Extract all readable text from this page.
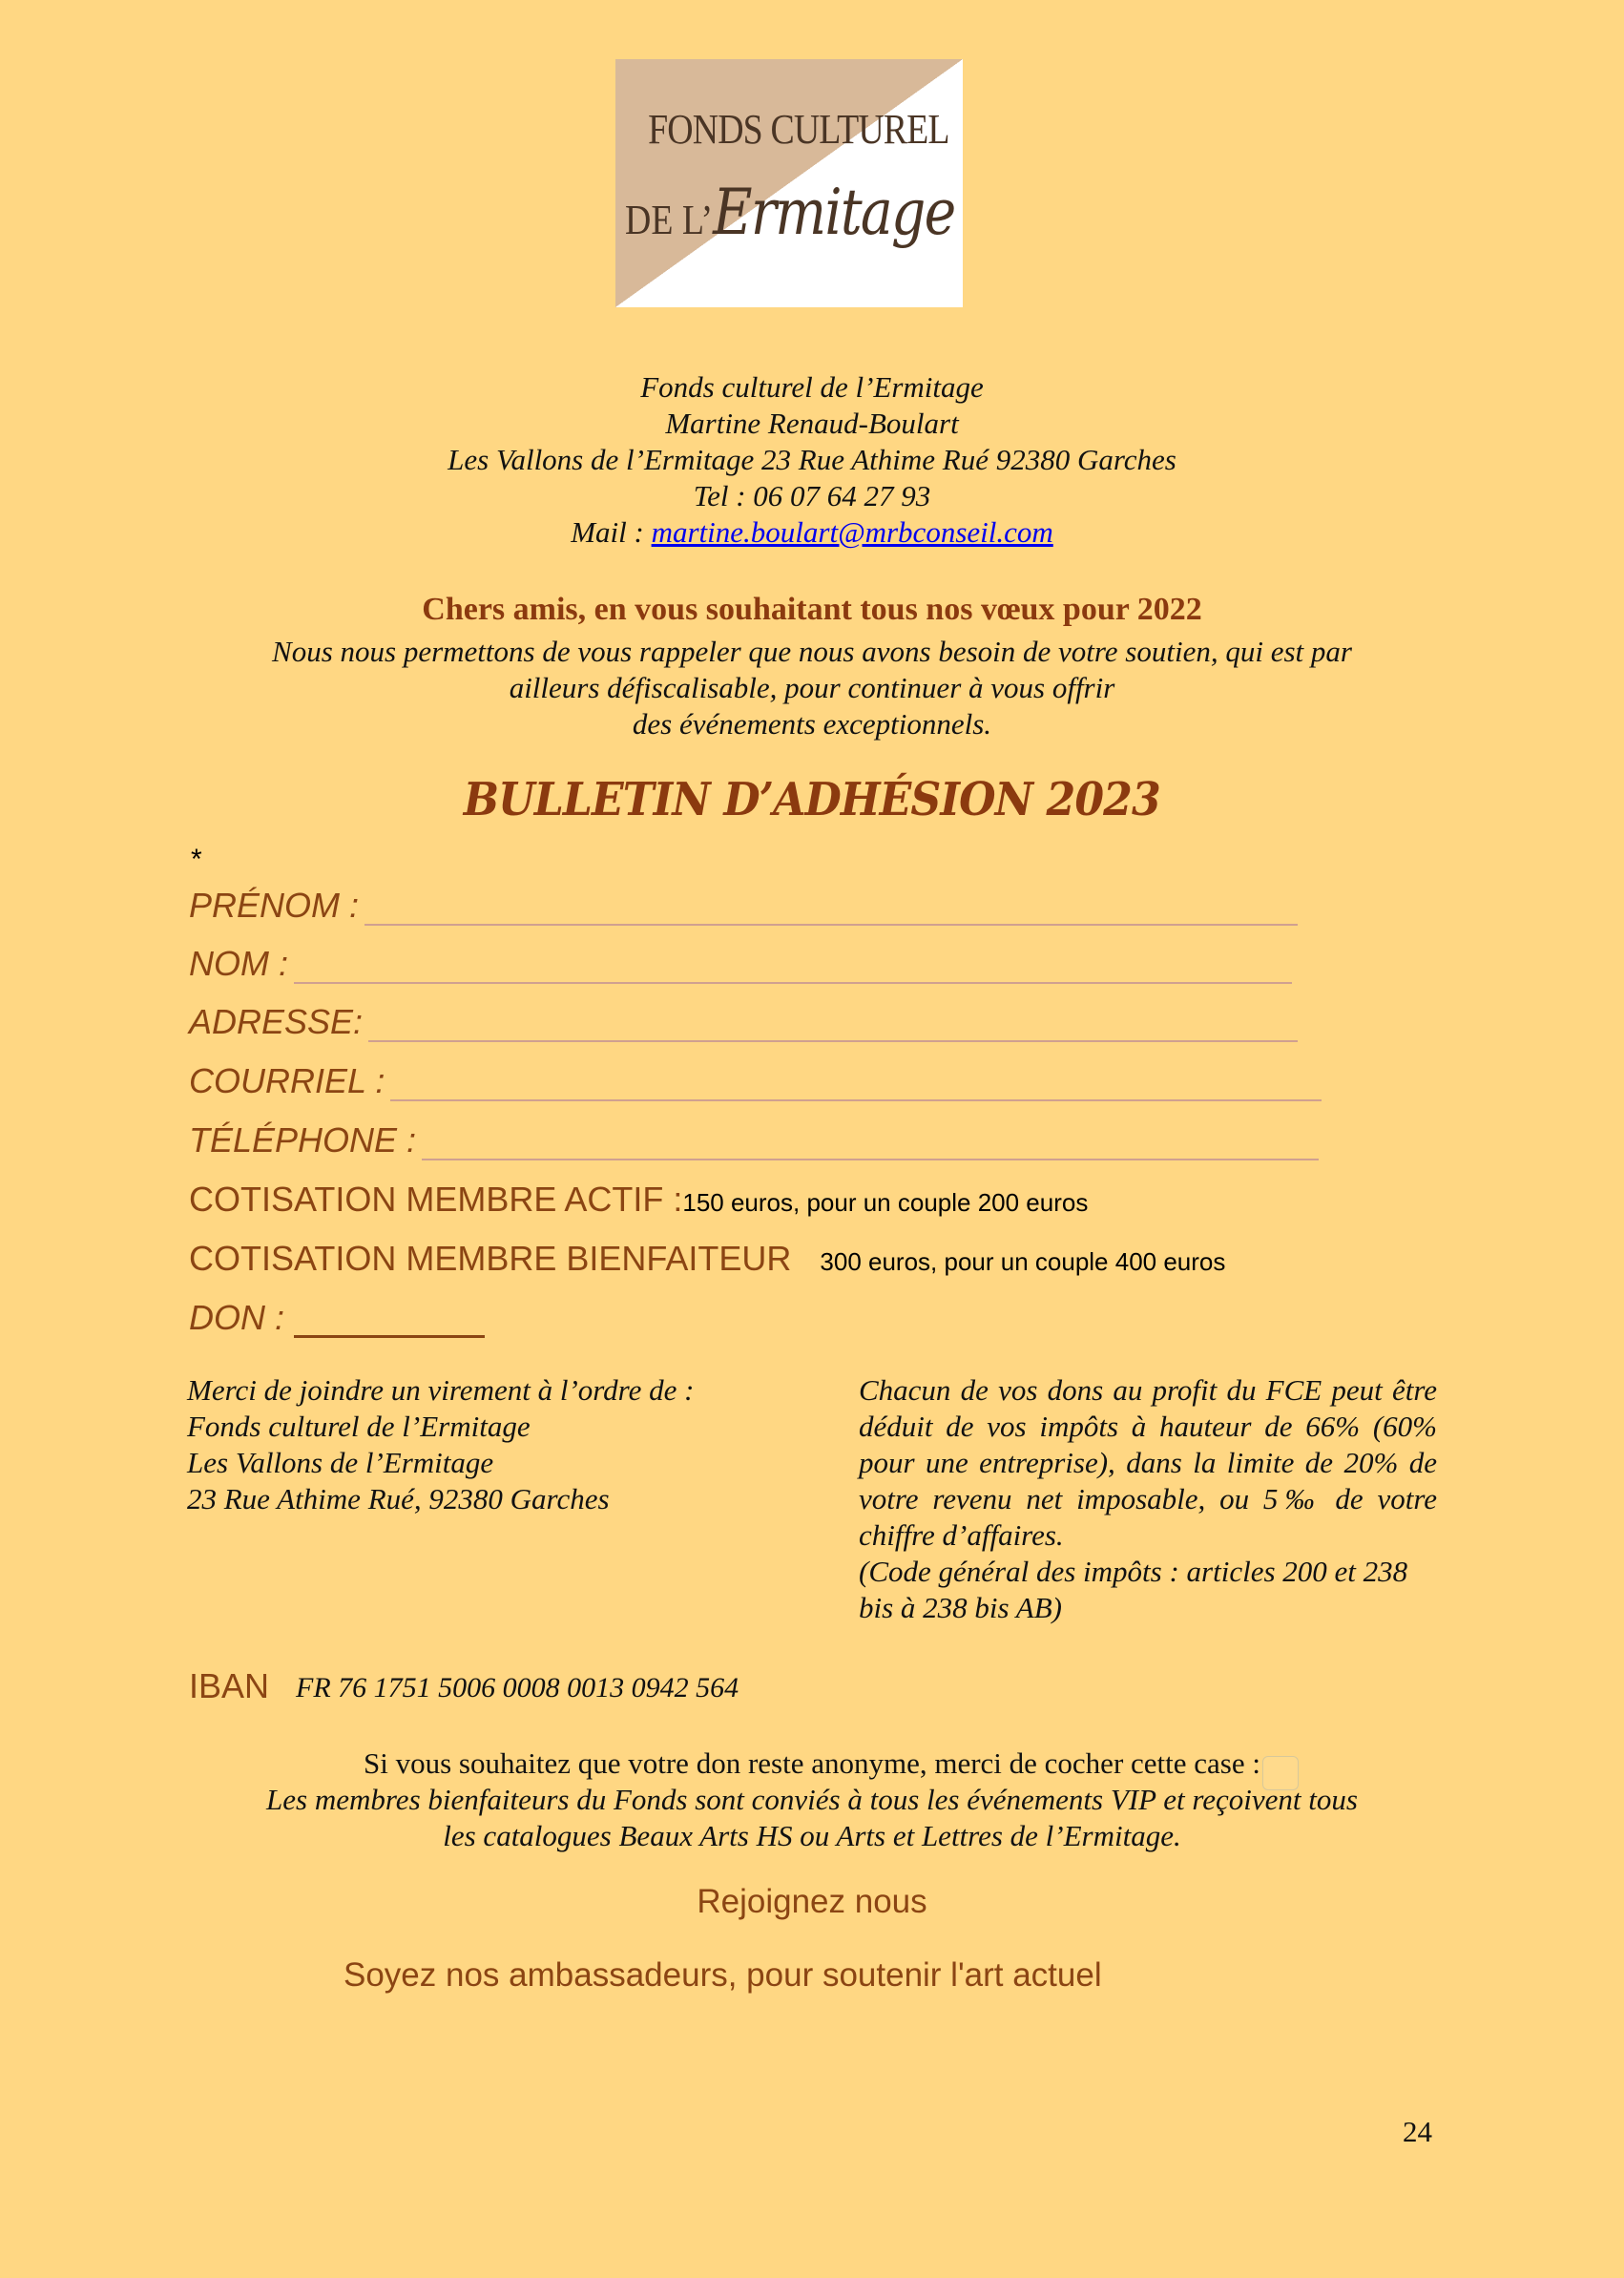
FONDS CULTUREL
DE L’Ermitage
Fonds culturel de l’Ermitage
Martine Renaud-Boulart
Les Vallons de l’Ermitage 23 Rue Athime Rué 92380 Garches
Tel : 06 07 64 27 93
Mail : martine.boulart@mrbconseil.com
Chers amis, en vous souhaitant tous nos vœux pour 2022
Nous nous permettons de vous rappeler que nous avons besoin de votre soutien, qui est par
ailleurs défiscalisable, pour continuer à vous offrir
des événements exceptionnels.
BULLETIN D’ADHÉSION 2023
*
PRÉNOM :
NOM :
ADRESSE:
COURRIEL :
TÉLÉPHONE :
COTISATION MEMBRE ACTIF :150 euros, pour un couple 200 euros
COTISATION MEMBRE BIENFAITEUR 300 euros, pour un couple 400 euros
DON :
Merci de joindre un virement à l’ordre de :
Fonds culturel de l’Ermitage
Les Vallons de l’Ermitage
23 Rue Athime Rué, 92380 Garches
Chacun de vos dons au profit du FCE peut être déduit de vos impôts à hauteur de 66% (60% pour une entreprise), dans la limite de 20% de votre revenu net imposable, ou 5‰ de votre chiffre d’affaires.
(Code général des impôts : articles 200 et 238 bis à 238 bis AB)
IBAN FR 76 1751 5006 0008 0013 0942 564
Si vous souhaitez que votre don reste anonyme, merci de cocher cette case :
Les membres bienfaiteurs du Fonds sont conviés à tous les événements VIP et reçoivent tous
les catalogues Beaux Arts HS ou Arts et Lettres de l’Ermitage.
Rejoignez nous
Soyez nos ambassadeurs, pour soutenir l'art actuel
24
